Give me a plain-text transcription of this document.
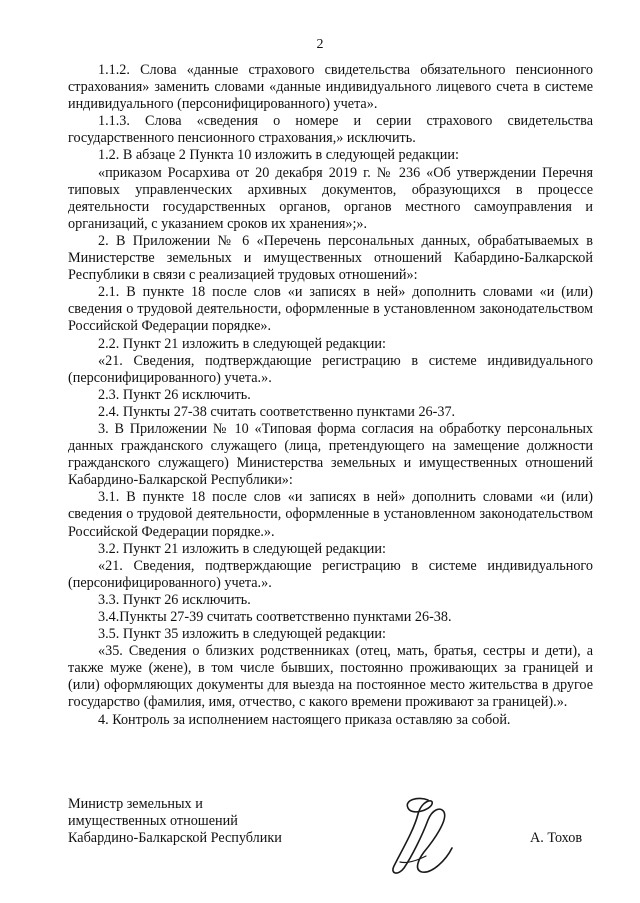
2

1.1.2. Слова «данные страхового свидетельства обязательного пенсионного страхования» заменить словами «данные индивидуального лицевого счета в системе индивидуального (персонифицированного) учета».

1.1.3. Слова «сведения о номере и серии страхового свидетельства государственного пенсионного страхования,» исключить.

1.2. В абзаце 2 Пункта 10 изложить в следующей редакции:

«приказом Росархива от 20 декабря 2019 г. № 236 «Об утверждении Перечня типовых управленческих архивных документов, образующихся в процессе деятельности государственных органов, органов местного самоуправления и организаций, с указанием сроков их хранения»;».

2. В Приложении № 6 «Перечень персональных данных, обрабатываемых в Министерстве земельных и имущественных отношений Кабардино-Балкарской Республики в связи с реализацией трудовых отношений»:

2.1. В пункте 18 после слов «и записях в ней» дополнить словами «и (или) сведения о трудовой деятельности, оформленные в установленном законодательством Российской Федерации порядке».

2.2. Пункт 21 изложить в следующей редакции:

«21. Сведения, подтверждающие регистрацию в системе индивидуального (персонифицированного) учета.».

2.3. Пункт 26 исключить.

2.4. Пункты 27-38 считать соответственно пунктами 26-37.

3. В Приложении № 10 «Типовая форма согласия на обработку персональных данных гражданского служащего (лица, претендующего на замещение должности гражданского служащего) Министерства земельных и имущественных отношений Кабардино-Балкарской Республики»:

3.1. В пункте 18 после слов «и записях в ней» дополнить словами «и (или) сведения о трудовой деятельности, оформленные в установленном законодательством Российской Федерации порядке.».

3.2. Пункт 21 изложить в следующей редакции:

«21. Сведения, подтверждающие регистрацию в системе индивидуального (персонифицированного) учета.».

3.3. Пункт 26 исключить.

3.4.Пункты 27-39 считать соответственно пунктами 26-38.

3.5. Пункт 35 изложить в следующей редакции:

«35. Сведения о близких родственниках (отец, мать, братья, сестры и дети), а также муже (жене), в том числе бывших, постоянно проживающих за границей и (или) оформляющих документы для выезда на постоянное место жительства в другое государство (фамилия, имя, отчество, с какого времени проживают за границей).».

4. Контроль за исполнением настоящего приказа оставляю за собой.

Министр земельных и
имущественных отношений
Кабардино-Балкарской Республики	А. Тохов
